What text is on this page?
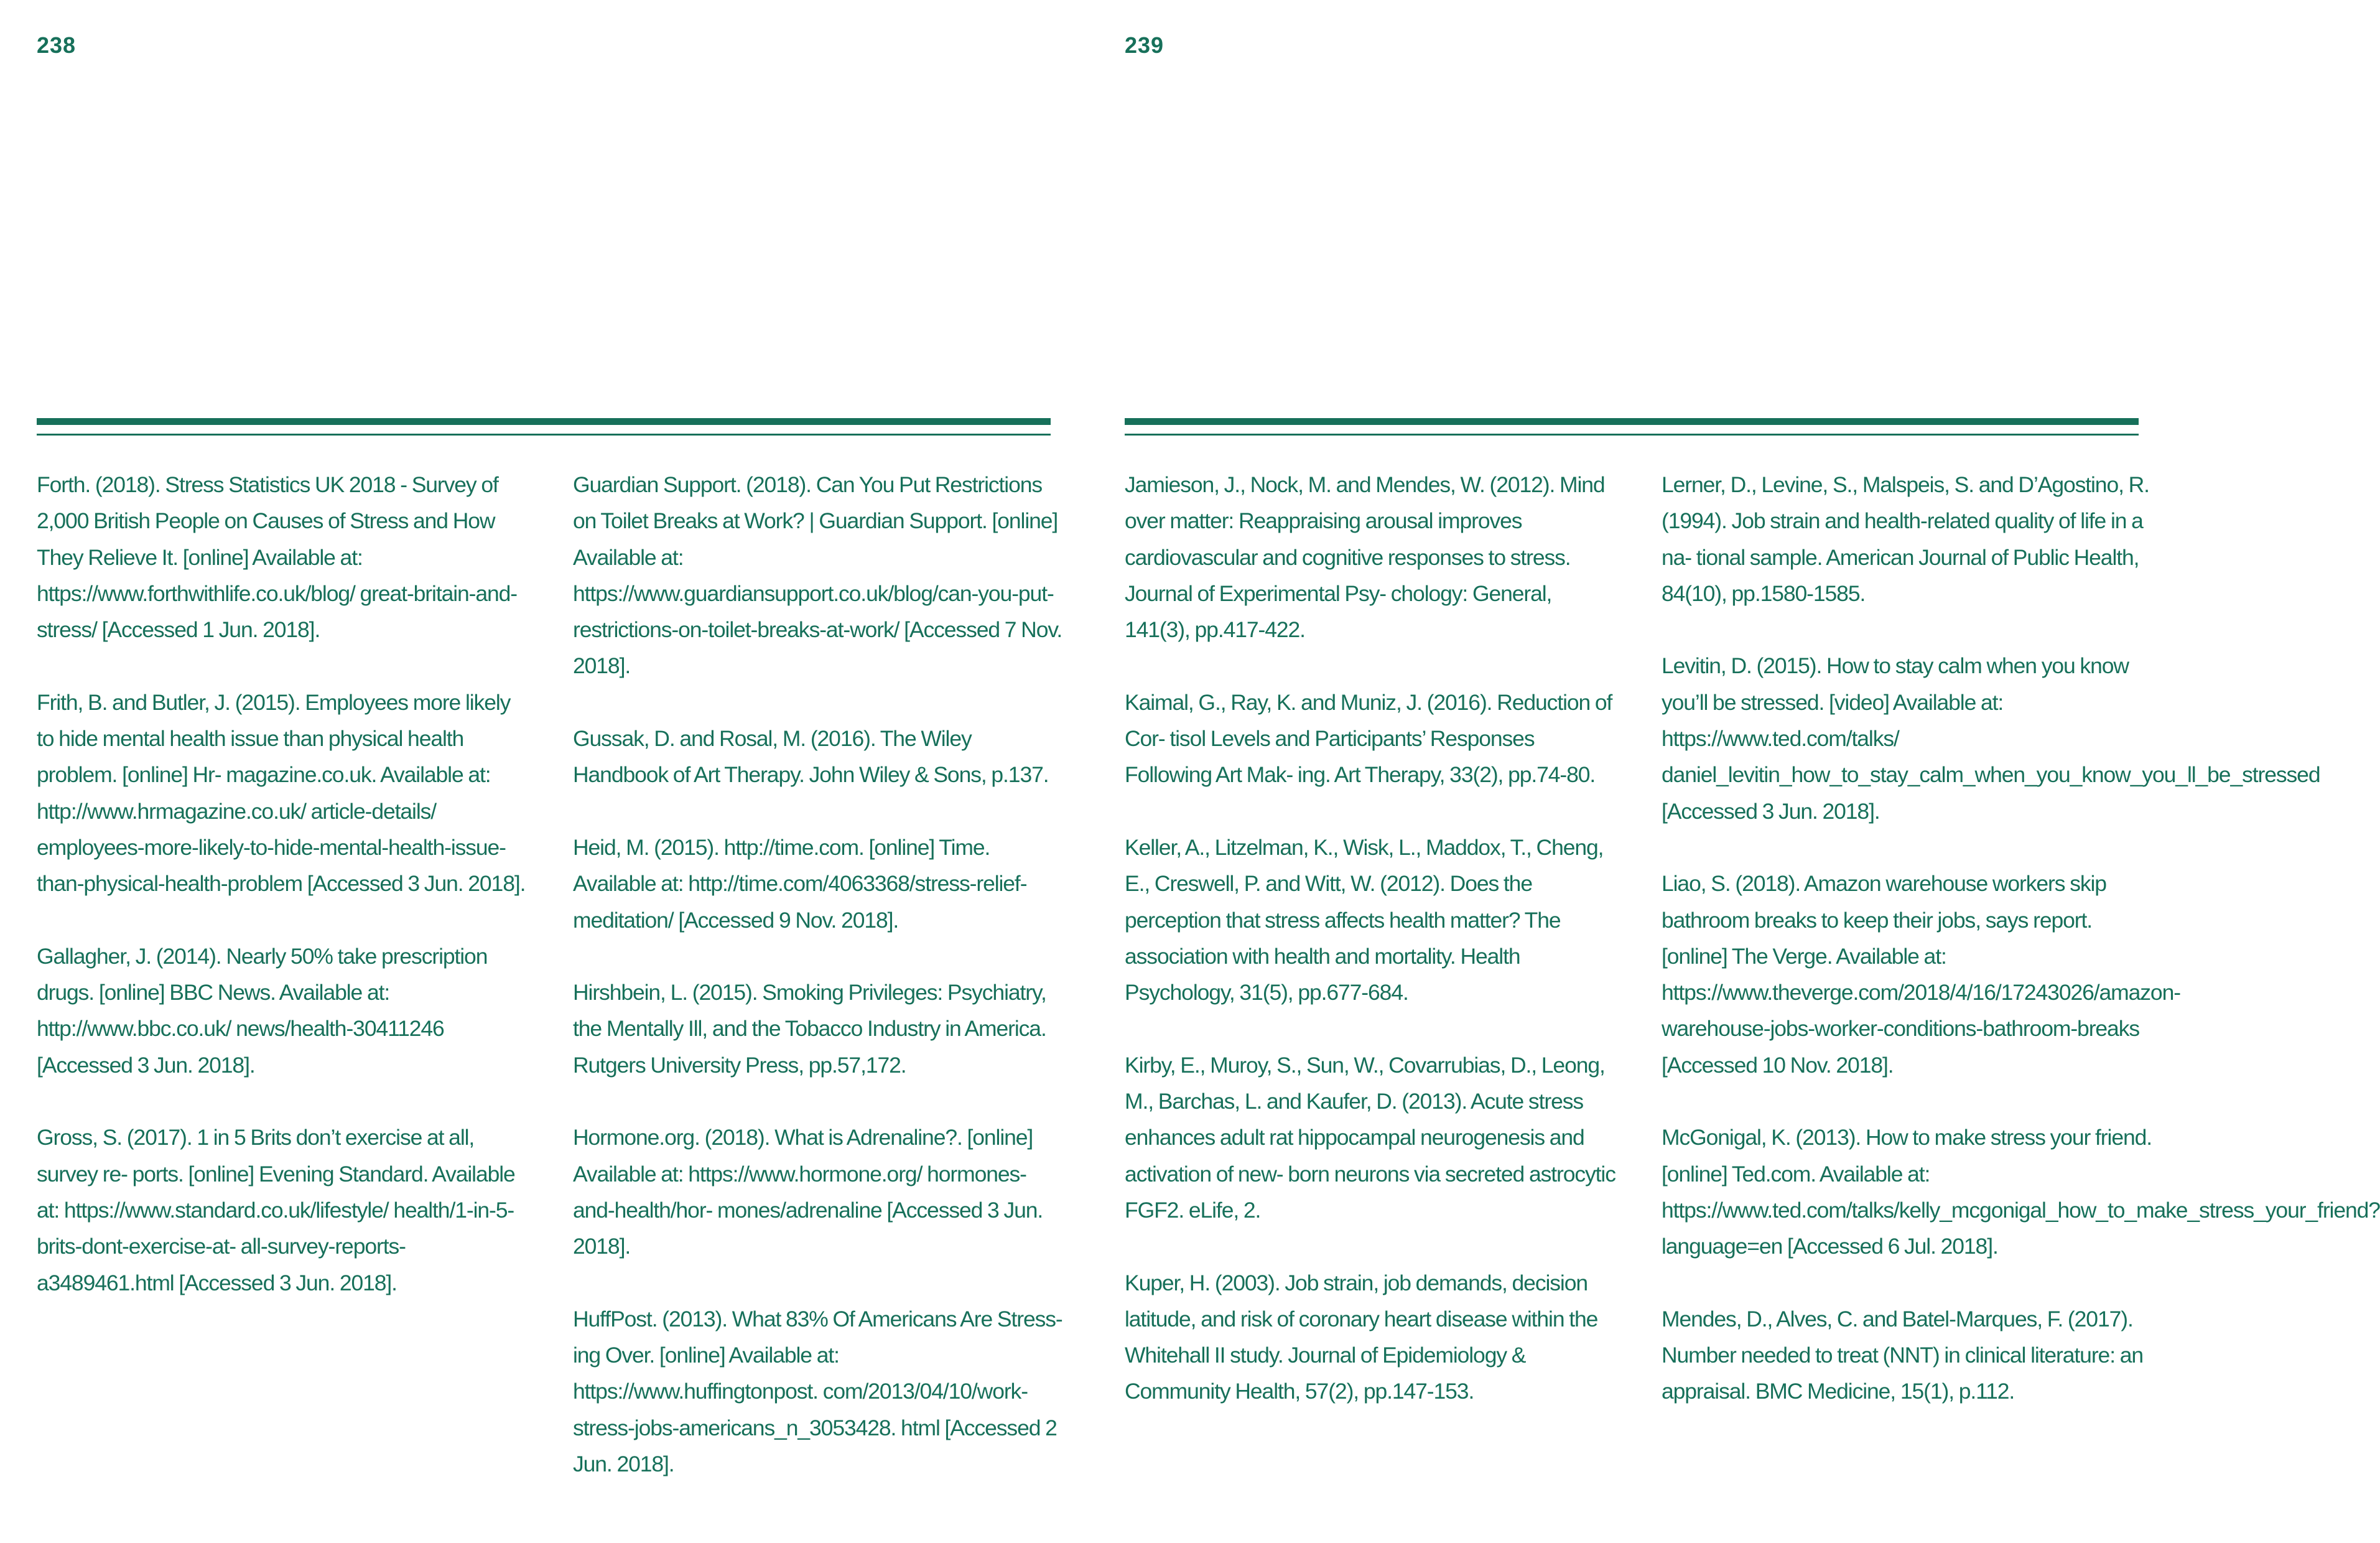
238

Forth. (2018). Stress Statistics UK 2018 - Survey of 2,000 British People on Causes of Stress and How They Relieve It. [online] Available at: https://www.forthwithlife.co.uk/blog/ great-britain-and-stress/ [Accessed 1 Jun. 2018].

Frith, B. and Butler, J. (2015). Employees more likely to hide mental health issue than physical health problem. [online] Hr- magazine.co.uk. Available at: http://www.hrmagazine.co.uk/ article-details/ employees-more-likely-to-hide-mental-health-issue-than-physical-health-problem [Accessed 3 Jun. 2018].

Gallagher, J. (2014). Nearly 50% take prescription drugs. [online] BBC News. Available at: http://www.bbc.co.uk/ news/health-30411246 [Accessed 3 Jun. 2018].

Gross, S. (2017). 1 in 5 Brits don’t exercise at all, survey re- ports. [online] Evening Standard. Available at: https://www.standard.co.uk/lifestyle/ health/1-in-5-brits-dont-exercise-at- all-survey-reports-a3489461.html [Accessed 3 Jun. 2018].

Guardian Support. (2018). Can You Put Restrictions on Toilet Breaks at Work? | Guardian Support. [online] Available at: https://www.guardiansupport.co.uk/blog/can-you-put-restrictions-on-toilet-breaks-at-work/ [Accessed 7 Nov. 2018].

Gussak, D. and Rosal, M. (2016). The Wiley Handbook of Art Therapy. John Wiley & Sons, p.137.

Heid, M. (2015). http://time.com. [online] Time. Available at: http://time.com/4063368/stress-relief-meditation/ [Accessed 9 Nov. 2018].

Hirshbein, L. (2015). Smoking Privileges: Psychiatry, the Mentally Ill, and the Tobacco Industry in America. Rutgers University Press, pp.57,172.

Hormone.org. (2018). What is Adrenaline?. [online] Available at: https://www.hormone.org/ hormones-and-health/hor- mones/adrenaline [Accessed 3 Jun. 2018].

HuffPost. (2013). What 83% Of Americans Are Stress- ing Over. [online] Available at: https://www.huffingtonpost. com/2013/04/10/work-stress-jobs-americans_n_3053428. html [Accessed 2 Jun. 2018].

239

Jamieson, J., Nock, M. and Mendes, W. (2012). Mind over matter: Reappraising arousal improves cardiovascular and cognitive responses to stress. Journal of Experimental Psy- chology: General, 141(3), pp.417-422.

Kaimal, G., Ray, K. and Muniz, J. (2016). Reduction of Cor- tisol Levels and Participants’ Responses Following Art Mak- ing. Art Therapy, 33(2), pp.74-80.

Keller, A., Litzelman, K., Wisk, L., Maddox, T., Cheng, E., Creswell, P. and Witt, W. (2012). Does the perception that stress affects health matter? The association with health and mortality. Health Psychology, 31(5), pp.677-684.

Kirby, E., Muroy, S., Sun, W., Covarrubias, D., Leong, M., Barchas, L. and Kaufer, D. (2013). Acute stress enhances adult rat hippocampal neurogenesis and activation of new- born neurons via secreted astrocytic FGF2. eLife, 2.

Kuper, H. (2003). Job strain, job demands, decision latitude, and risk of coronary heart disease within the Whitehall II study. Journal of Epidemiology & Community Health, 57(2), pp.147-153.

Lerner, D., Levine, S., Malspeis, S. and D’Agostino, R. (1994). Job strain and health-related quality of life in a na- tional sample. American Journal of Public Health, 84(10), pp.1580-1585.

Levitin, D. (2015). How to stay calm when you know you’ll be stressed. [video] Available at: https://www.ted.com/talks/ daniel_levitin_how_to_stay_calm_when_you_know_you_ll_be_stressed [Accessed 3 Jun. 2018].

Liao, S. (2018). Amazon warehouse workers skip bathroom breaks to keep their jobs, says report. [online] The Verge. Available at: https://www.theverge.com/2018/4/16/17243026/amazon-warehouse-jobs-worker-conditions-bathroom-breaks [Accessed 10 Nov. 2018].

McGonigal, K. (2013). How to make stress your friend. [online] Ted.com. Available at: https://www.ted.com/talks/kelly_mcgonigal_how_to_make_stress_your_friend?language=en [Accessed 6 Jul. 2018].

Mendes, D., Alves, C. and Batel-Marques, F. (2017). Number needed to treat (NNT) in clinical literature: an appraisal. BMC Medicine, 15(1), p.112.
